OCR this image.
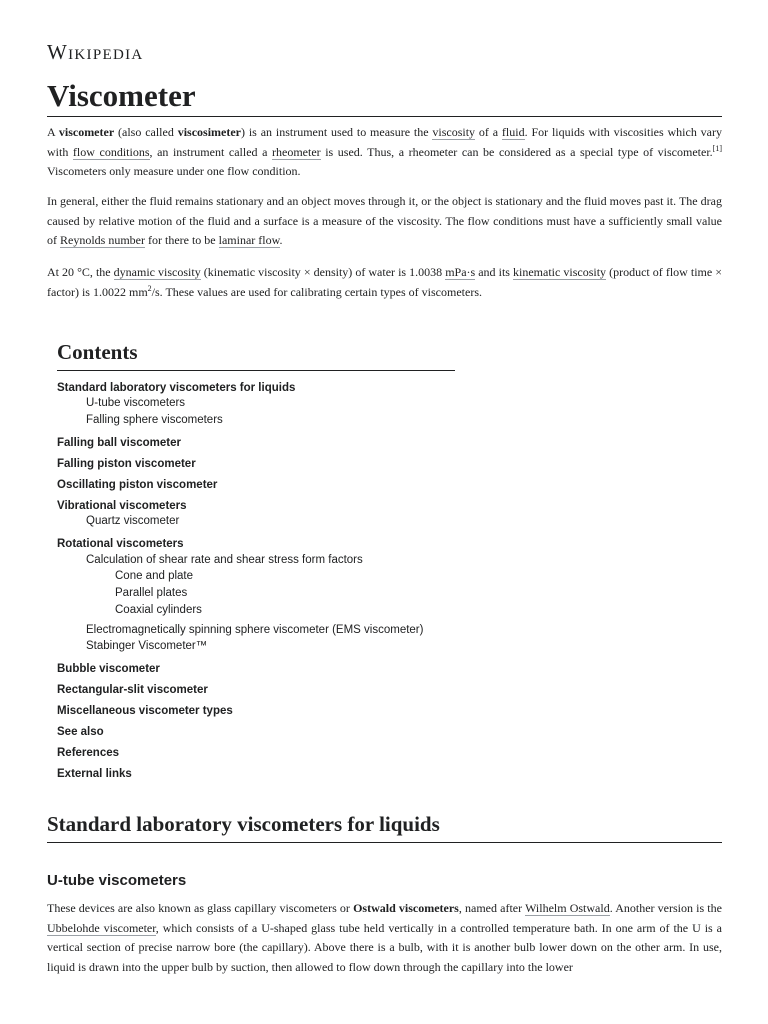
Wikipedia
Viscometer

A viscometer (also called viscosimeter) is an instrument used to measure the viscosity of a fluid. For liquids with viscosities which vary with flow conditions, an instrument called a rheometer is used. Thus, a rheometer can be considered as a special type of viscometer.[1] Viscometers only measure under one flow condition.

In general, either the fluid remains stationary and an object moves through it, or the object is stationary and the fluid moves past it. The drag caused by relative motion of the fluid and a surface is a measure of the viscosity. The flow conditions must have a sufficiently small value of Reynolds number for there to be laminar flow.

At 20 °C, the dynamic viscosity (kinematic viscosity × density) of water is 1.0038 mPa·s and its kinematic viscosity (product of flow time × factor) is 1.0022 $mm^2/s$. These values are used for calibrating certain types of viscometers.

Contents
Standard laboratory viscometers for liquids
U-tube viscometers
Falling sphere viscometers
Falling ball viscometer
Falling piston viscometer
Oscillating piston viscometer
Vibrational viscometers
Quartz viscometer
Rotational viscometers
Calculation of shear rate and shear stress form factors
Cone and plate
Parallel plates
Coaxial cylinders
Electromagnetically spinning sphere viscometer (EMS viscometer)
Stabinger Viscometer™
Bubble viscometer
Rectangular-slit viscometer
Miscellaneous viscometer types
See also
References
External links
Standard laboratory viscometers for liquids
U-tube viscometers

These devices are also known as glass capillary viscometers or Ostwald viscometers, named after Wilhelm Ostwald. Another version is the Ubbelohde viscometer, which consists of a U-shaped glass tube held vertically in a controlled temperature bath. In one arm of the U is a vertical section of precise narrow bore (the capillary). Above there is a bulb, with it is another bulb lower down on the other arm. In use, liquid is drawn into the upper bulb by suction, then allowed to flow down through the capillary into the lower
